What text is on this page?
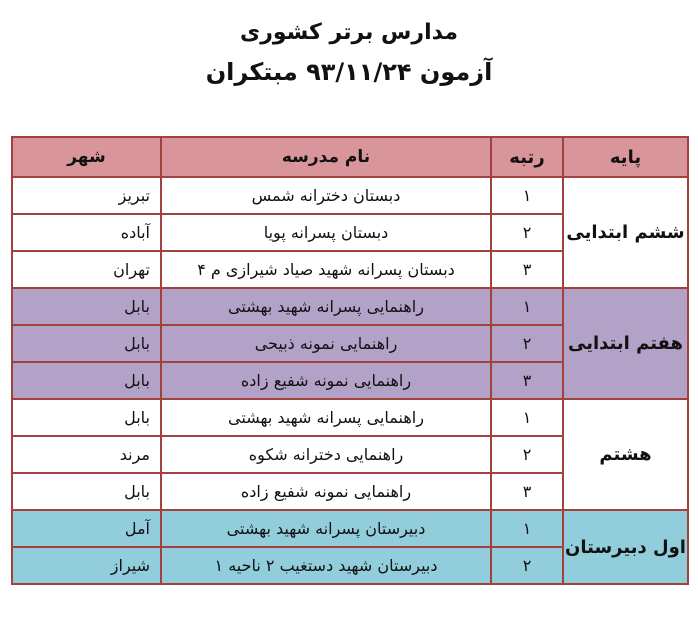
مدارس برتر کشوری
آزمون ۹۳/۱۱/۲۴ مبتکران
پایه	رتبه	نام مدرسه	شهر
ششم ابتدایی	۱	دبستان دخترانه شمس	تبریز
	۲	دبستان پسرانه پویا	آباده
	۳	دبستان پسرانه شهید صیاد شیرازی م ۴	تهران
هفتم ابتدایی	۱	راهنمایی پسرانه شهید بهشتی	بابل
	۲	راهنمایی نمونه ذبیحی	بابل
	۳	راهنمایی نمونه شفیع زاده	بابل
هشتم	۱	راهنمایی پسرانه شهید بهشتی	بابل
	۲	راهنمایی دخترانه شکوه	مرند
	۳	راهنمایی نمونه شفیع زاده	بابل
اول دبیرستان	۱	دبیرستان پسرانه شهید بهشتی	آمل
	۲	دبیرستان شهید دستغیب ۲ ناحیه ۱	شیراز
